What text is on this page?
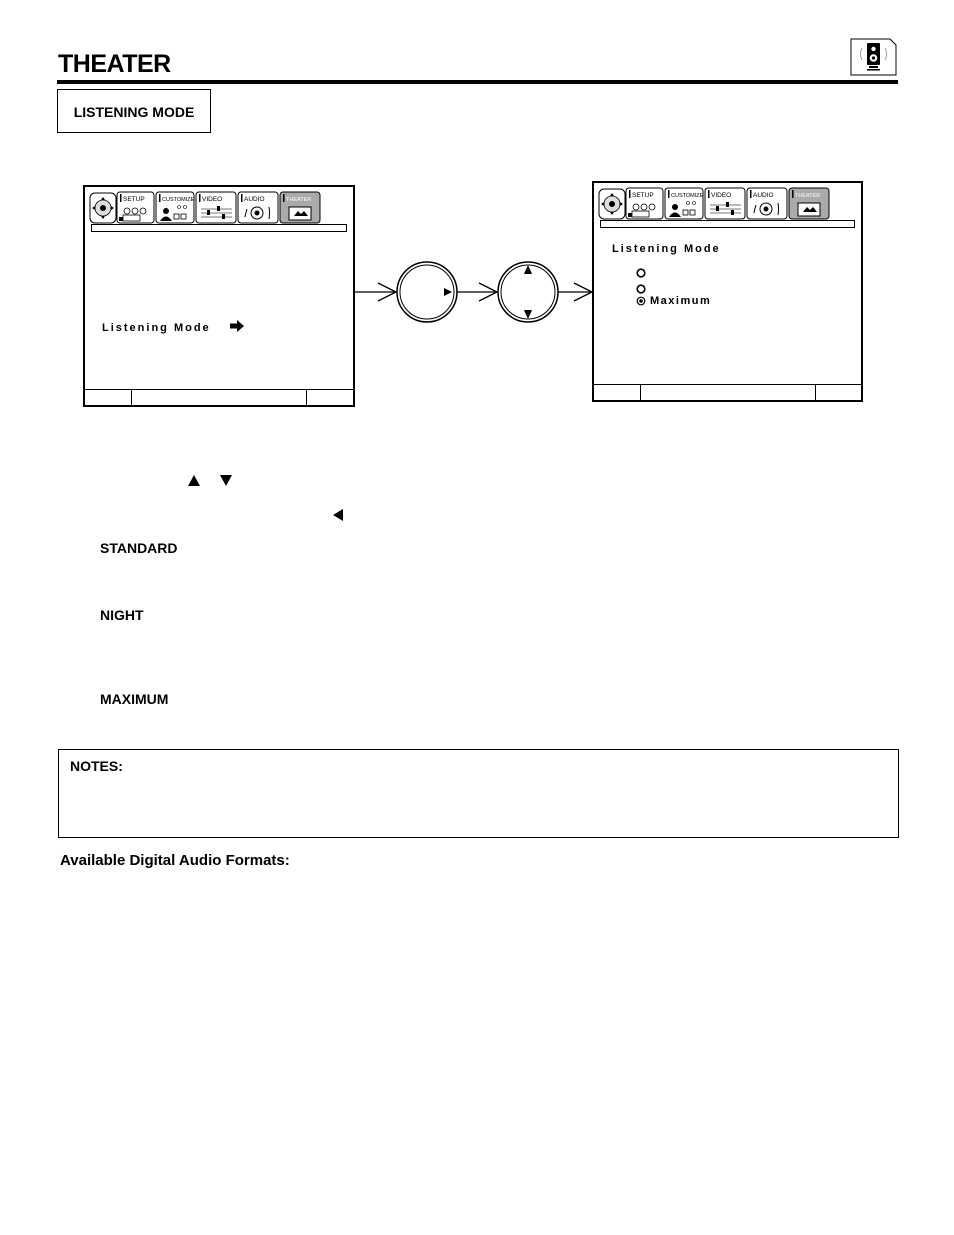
THEATER
LISTENING MODE
SETUP	CUSTOMIZE VIDEO	AUDIO	THEATER
Listening Mode
SETUP	CUSTOMIZE VIDEO	AUDIO	THEATER
Listening Mode
Maximum
STANDARD
NIGHT
MAXIMUM
NOTES:
Available Digital Audio Formats:
